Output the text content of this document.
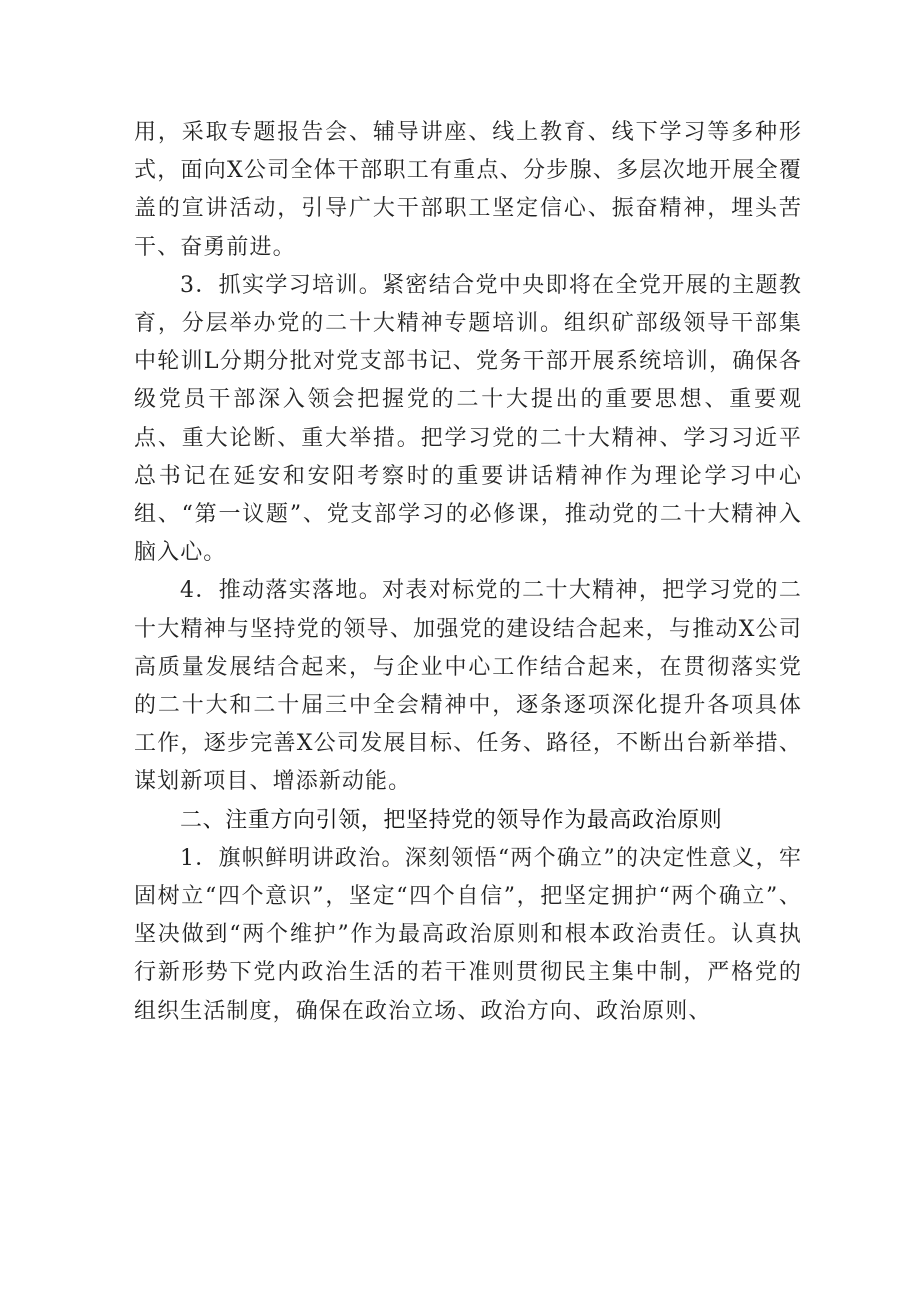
用，采取专题报告会、辅导讲座、线上教育、线下学习等多种形式，面向X公司全体干部职工有重点、分步腺、多层次地开展全覆盖的宣讲活动，引导广大干部职工坚定信心、振奋精神，埋头苦干、奋勇前进。

3．抓实学习培训。紧密结合党中央即将在全党开展的主题教育，分层举办党的二十大精神专题培训。组织矿部级领导干部集中轮训L分期分批对党支部书记、党务干部开展系统培训，确保各级党员干部深入领会把握党的二十大提出的重要思想、重要观点、重大论断、重大举措。把学习党的二十大精神、学习习近平总书记在延安和安阳考察时的重要讲话精神作为理论学习中心组、“第一议题”、党支部学习的必修课，推动党的二十大精神入脑入心。

4．推动落实落地。对表对标党的二十大精神，把学习党的二十大精神与坚持党的领导、加强党的建设结合起来，与推动X公司高质量发展结合起来，与企业中心工作结合起来，在贯彻落实党的二十大和二十届三中全会精神中，逐条逐项深化提升各项具体工作，逐步完善X公司发展目标、任务、路径，不断出台新举措、谋划新项目、增添新动能。

二、注重方向引领，把坚持党的领导作为最高政治原则

1．旗帜鲜明讲政治。深刻领悟“两个确立”的决定性意义，牢固树立“四个意识”，坚定“四个自信”，把坚定拥护“两个确立”、坚决做到“两个维护”作为最高政治原则和根本政治责任。认真执行新形势下党内政治生活的若干准则贯彻民主集中制，严格党的组织生活制度，确保在政治立场、政治方向、政治原则、
